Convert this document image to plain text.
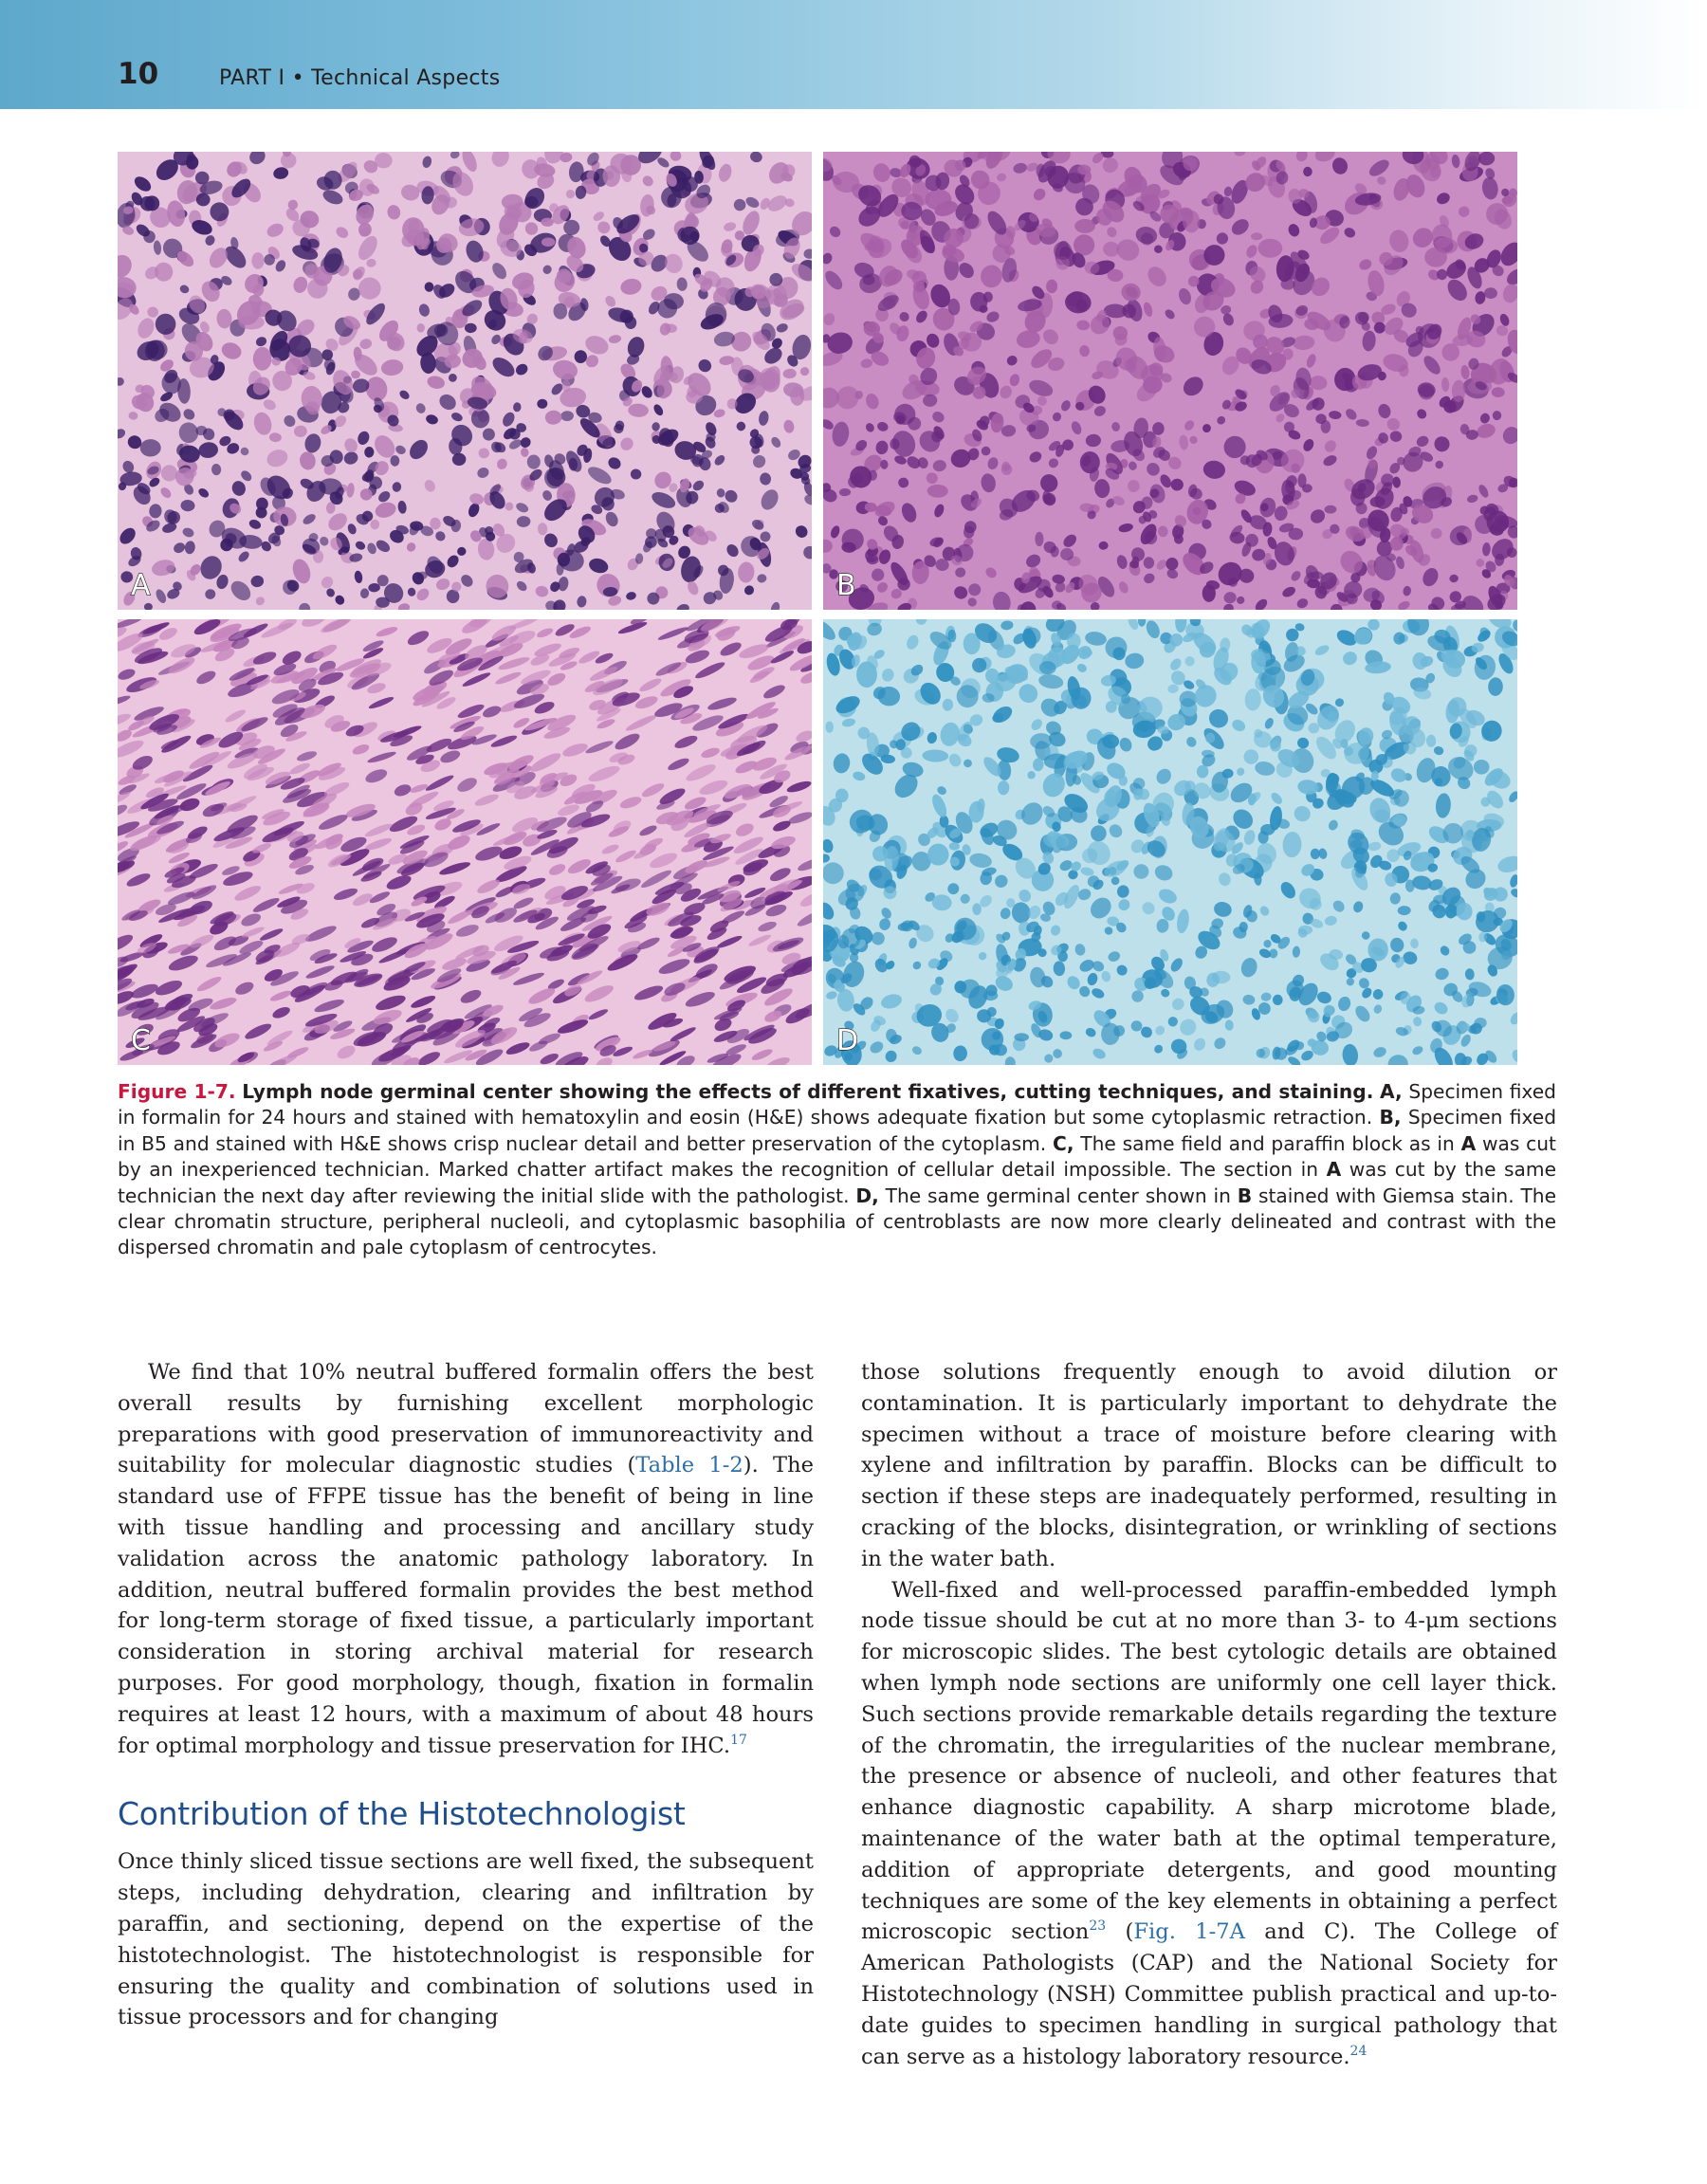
10	PART I • Technical Aspects
A	B
C	D
Figure 1-7. Lymph node germinal center showing the effects of different fixatives, cutting techniques, and staining. A, Specimen fixed in formalin for 24 hours and stained with hematoxylin and eosin (H&E) shows adequate fixation but some cytoplasmic retraction. B, Specimen fixed in B5 and stained with H&E shows crisp nuclear detail and better preservation of the cytoplasm. C, The same field and paraffin block as in A was cut by an inexperienced technician. Marked chatter artifact makes the recognition of cellular detail impossible. The section in A was cut by the same technician the next day after reviewing the initial slide with the pathologist. D, The same germinal center shown in B stained with Giemsa stain. The clear chromatin structure, peripheral nucleoli, and cytoplasmic basophilia of centroblasts are now more clearly delineated and contrast with the dispersed chromatin and pale cytoplasm of centrocytes.

We find that 10% neutral buffered formalin offers the best overall results by furnishing excellent morphologic preparations with good preservation of immunoreactivity and suitability for molecular diagnostic studies (Table 1-2). The standard use of FFPE tissue has the benefit of being in line with tissue handling and processing and ancillary study validation across the anatomic pathology laboratory. In addition, neutral buffered formalin provides the best method for long-term storage of fixed tissue, a particularly important consideration in storing archival material for research purposes. For good morphology, though, fixation in formalin requires at least 12 hours, with a maximum of about 48 hours for optimal morphology and tissue preservation for IHC.$^{17}$

Contribution of the Histotechnologist

Once thinly sliced tissue sections are well fixed, the subsequent steps, including dehydration, clearing and infiltration by paraffin, and sectioning, depend on the expertise of the histotechnologist. The histotechnologist is responsible for ensuring the quality and combination of solutions used in tissue processors and for changing

those solutions frequently enough to avoid dilution or contamination. It is particularly important to dehydrate the specimen without a trace of moisture before clearing with xylene and infiltration by paraffin. Blocks can be difficult to section if these steps are inadequately performed, resulting in cracking of the blocks, disintegration, or wrinkling of sections in the water bath.

Well-fixed and well-processed paraffin-embedded lymph node tissue should be cut at no more than 3- to 4-μm sections for microscopic slides. The best cytologic details are obtained when lymph node sections are uniformly one cell layer thick. Such sections provide remarkable details regarding the texture of the chromatin, the irregularities of the nuclear membrane, the presence or absence of nucleoli, and other features that enhance diagnostic capability. A sharp microtome blade, maintenance of the water bath at the optimal temperature, addition of appropriate detergents, and good mounting techniques are some of the key elements in obtaining a perfect microscopic section$^{23}$ (Fig. 1-7A and C). The College of American Pathologists (CAP) and the National Society for Histotechnology (NSH) Committee publish practical and up-to-date guides to specimen handling in surgical pathology that can serve as a histology laboratory resource.$^{24}$
